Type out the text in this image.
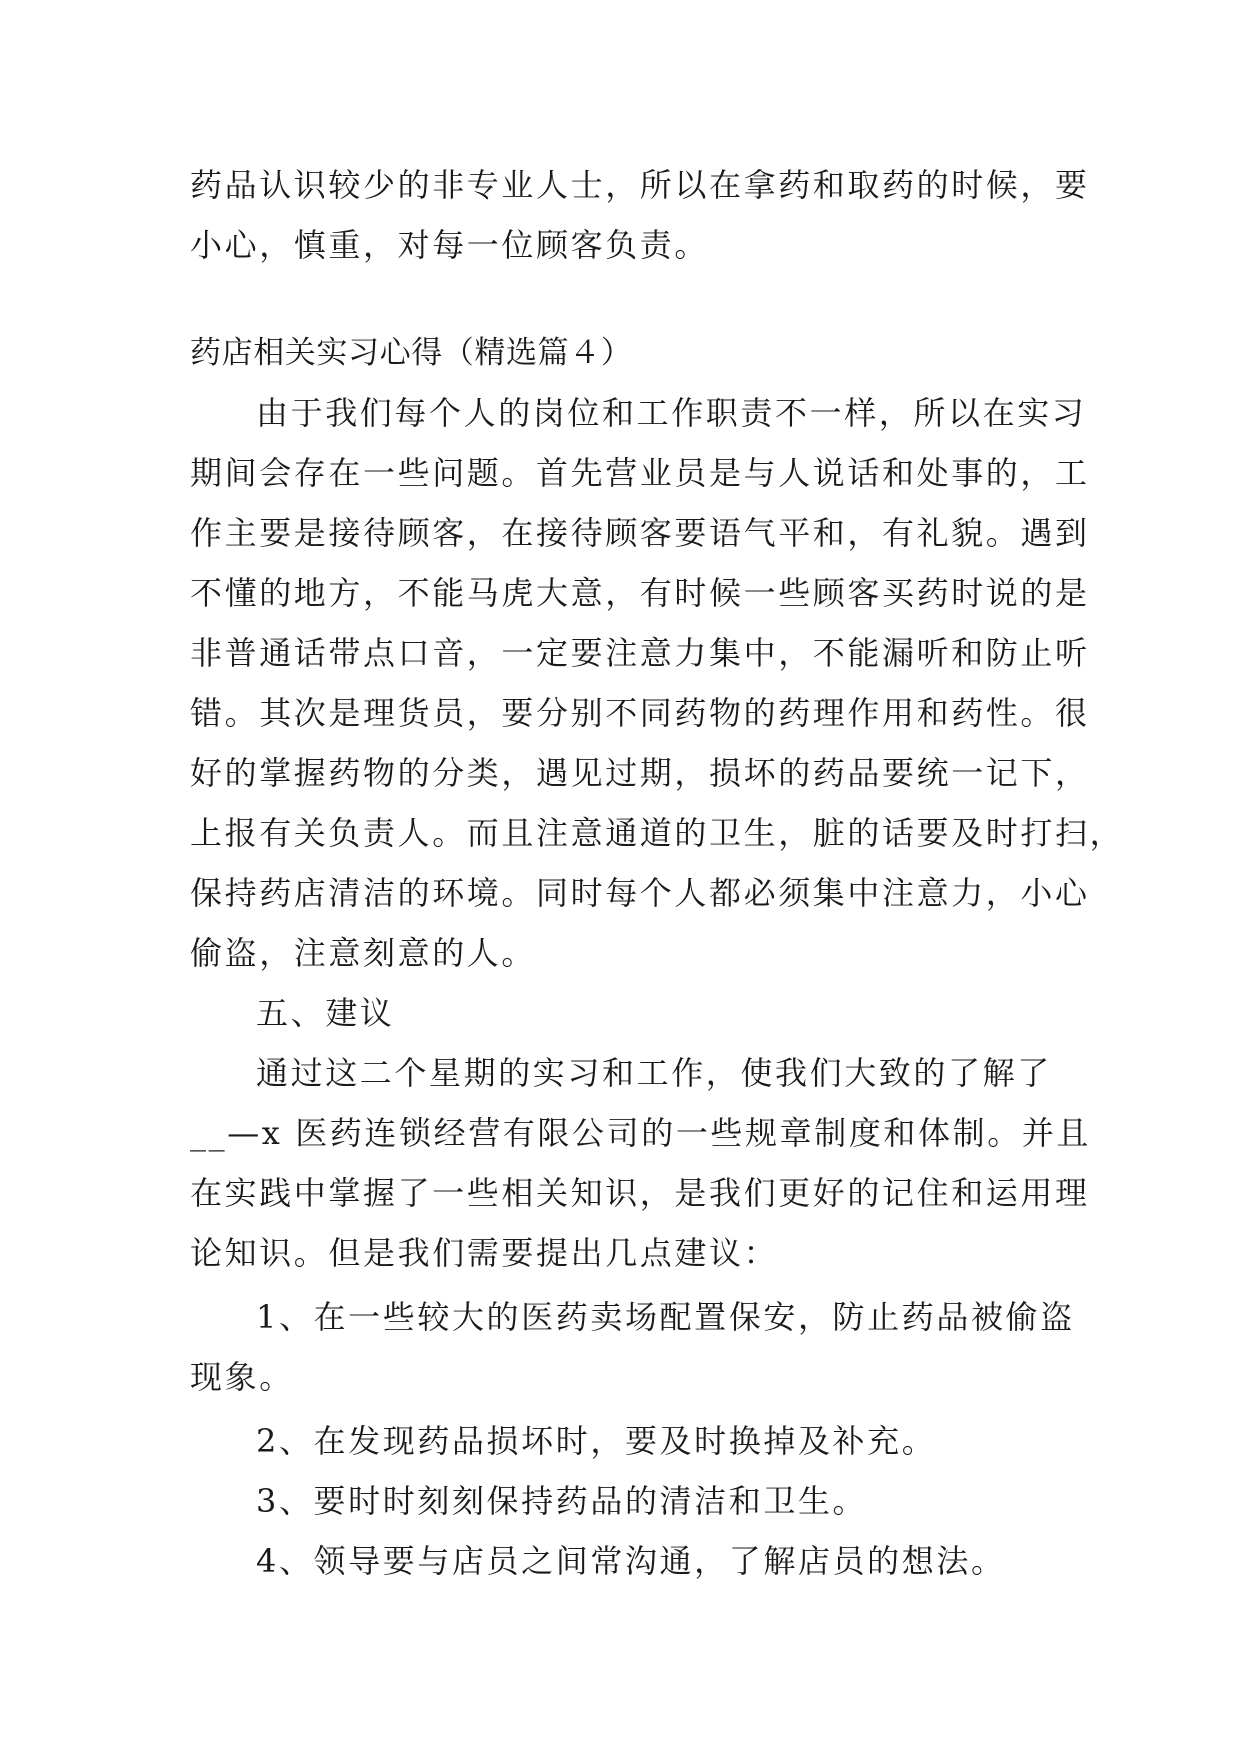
药品认识较少的非专业人士，所以在拿药和取药的时候，要
小心，慎重，对每一位顾客负责。
药店相关实习心得（精选篇４）
由于我们每个人的岗位和工作职责不一样，所以在实习
期间会存在一些问题。首先营业员是与人说话和处事的，工
作主要是接待顾客，在接待顾客要语气平和，有礼貌。遇到
不懂的地方，不能马虎大意，有时候一些顾客买药时说的是
非普通话带点口音，一定要注意力集中，不能漏听和防止听
错。其次是理货员，要分别不同药物的药理作用和药性。很
好的掌握药物的分类，遇见过期，损坏的药品要统一记下，
上报有关负责人。而且注意通道的卫生，脏的话要及时打扫，
保持药店清洁的环境。同时每个人都必须集中注意力，小心
偷盗，注意刻意的人。
五、建议
通过这二个星期的实习和工作，使我们大致的了解了
__—x 医药连锁经营有限公司的一些规章制度和体制。并且
在实践中掌握了一些相关知识，是我们更好的记住和运用理
论知识。但是我们需要提出几点建议：
1、在一些较大的医药卖场配置保安，防止药品被偷盗
现象。
2、在发现药品损坏时，要及时换掉及补充。
3、要时时刻刻保持药品的清洁和卫生。
4、领导要与店员之间常沟通，了解店员的想法。
